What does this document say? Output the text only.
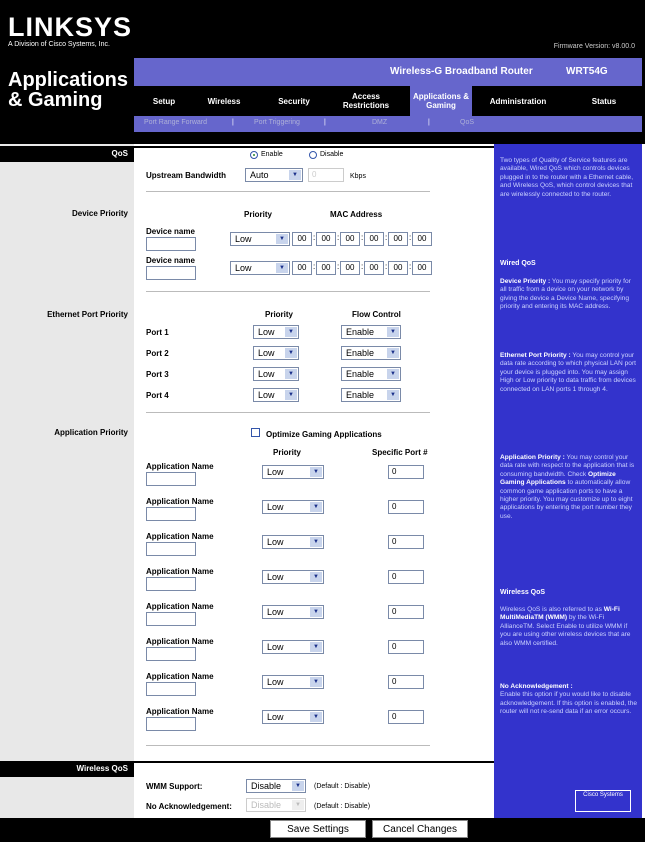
LINKSYS
A Division of Cisco Systems, Inc.	Firmware Version: v8.00.0
Applications & Gaming
Wireless-G Broadband Router	WRT54G
Setup	Wireless	Security	Access Restrictions
Applications & Gaming	Administration	Status
Port Range Forward	|	Port Triggering	|	DMZ	|	QoS
QoS
Device Priority
Ethernet Port Priority
Application Priority
Wireless QoS
Two types of Quality of Service features are available, Wired QoS which controls devices plugged in to the router with a Ethernet cable, and Wireless QoS, which control devices that are wirelessly connected to the router.
Wired QoS
Device Priority : You may specify priority for all traffic from a device on your network by giving the device a Device Name, specifying priority and entering its MAC address.
Ethernet Port Priority : You may control your data rate according to which physical LAN port your device is plugged into. You may assign High or Low priority to data traffic from devices connected on LAN ports 1 through 4.
Application Priority : You may control your data rate with respect to the application that is consuming bandwidth. Check Optimize Gaming Applications to automatically allow common game application ports to have a higher priority. You may customize up to eight applications by entering the port number they use.
Wireless QoS
Wireless QoS is also referred to as Wi-Fi MultiMediaTM (WMM) by the Wi-Fi AllianceTM. Select Enable to utilize WMM if you are using other wireless devices that are also WMM certified.
No Acknowledgement :
Enable this option if you would like to disable acknowledgement. If this option is enabled, the router will not re-send data if an error occurs.
Cisco Systems
Enable	Disable
Upstream Bandwidth	Auto	▼	0	Kbps
Priority	MAC Address
Device name
Low	▼	00 : 00 : 00 : 00 : 00 : 00
Device name
Low	▼	00 : 00 : 00 : 00 : 00 : 00
Priority	Flow Control
Port 1	Low	▼	Enable	▼
Port 2	Low	▼	Enable	▼
Port 3	Low	▼	Enable	▼
Port 4	Low	▼	Enable	▼
Optimize Gaming Applications
Priority	Specific Port #
Application Name
Low	▼	0
Application Name
Low	▼	0
Application Name
Low	▼	0
Application Name
Low	▼	0
Application Name
Low	▼	0
Application Name
Low	▼	0
Application Name
Low	▼	0
Application Name
Low	▼	0
WMM Support:	Disable	▼	(Default : Disable)
No Acknowledgement:	Disable	▼	(Default : Disable)
Save Settings	Cancel Changes
